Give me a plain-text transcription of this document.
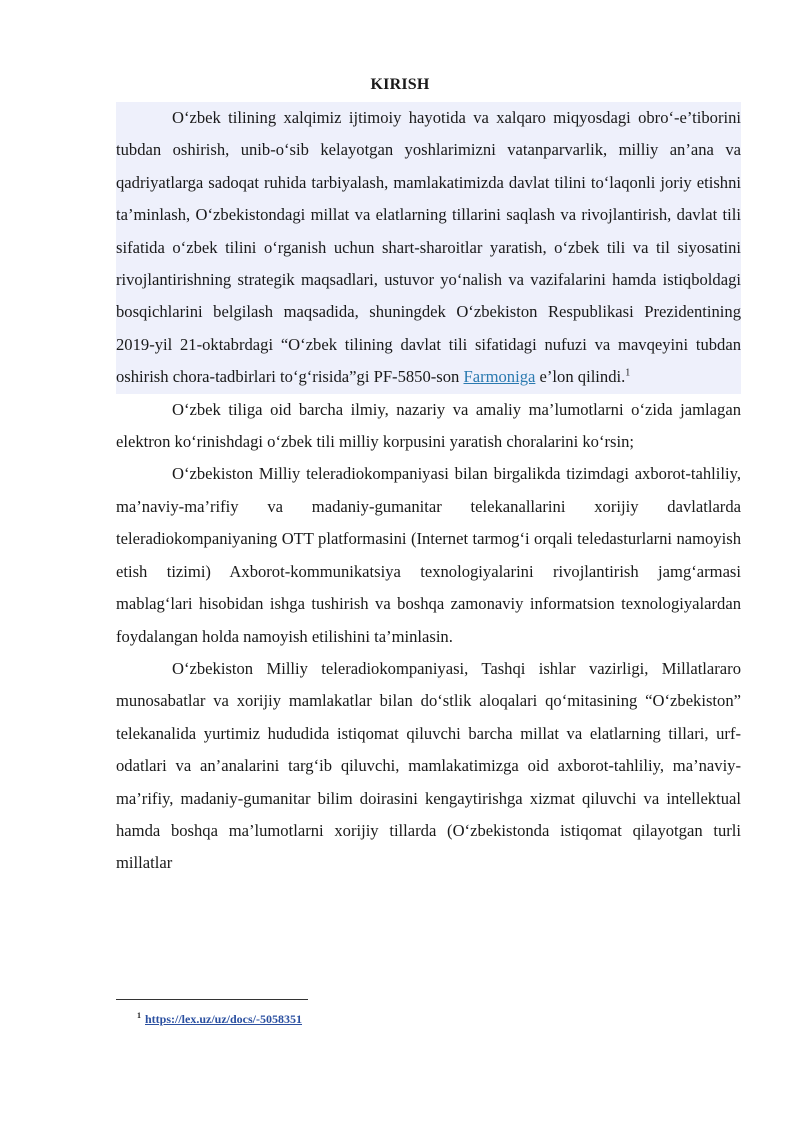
KIRISH

O‘zbek tilining xalqimiz ijtimoiy hayotida va xalqaro miqyosdagi obro‘-e’tiborini tubdan oshirish, unib-o‘sib kelayotgan yoshlarimizni vatanparvarlik, milliy an’ana va qadriyatlarga sadoqat ruhida tarbiyalash, mamlakatimizda davlat tilini to‘laqonli joriy etishni ta’minlash, O‘zbekistondagi millat va elatlarning tillarini saqlash va rivojlantirish, davlat tili sifatida o‘zbek tilini o‘rganish uchun shart-sharoitlar yaratish, o‘zbek tili va til siyosatini rivojlantirishning strategik maqsadlari, ustuvor yo‘nalish va vazifalarini hamda istiqboldagi bosqichlarini belgilash maqsadida, shuningdek O‘zbekiston Respublikasi Prezidentining 2019-yil 21-oktabrdagi “O‘zbek tilining davlat tili sifatidagi nufuzi va mavqeyini tubdan oshirish chora-tadbirlari to‘g‘risida”gi PF-5850-son Farmoniga e’lon qilindi.$^1$

O‘zbek tiliga oid barcha ilmiy, nazariy va amaliy ma’lumotlarni o‘zida jamlagan elektron ko‘rinishdagi o‘zbek tili milliy korpusini yaratish choralarini ko‘rsin;

O‘zbekiston Milliy teleradiokompaniyasi bilan birgalikda tizimdagi axborot-tahliliy, ma’naviy-ma’rifiy va madaniy-gumanitar telekanallarini xorijiy davlatlarda teleradiokompaniyaning OTT platformasini (Internet tarmog‘i orqali teledasturlarni namoyish etish tizimi) Axborot-kommunikatsiya texnologiyalarini rivojlantirish jamg‘armasi mablag‘lari hisobidan ishga tushirish va boshqa zamonaviy informatsion texnologiyalardan foydalangan holda namoyish etilishini ta’minlasin.

O‘zbekiston Milliy teleradiokompaniyasi, Tashqi ishlar vazirligi, Millatlararo munosabatlar va xorijiy mamlakatlar bilan do‘stlik aloqalari qo‘mitasining “O‘zbekiston” telekanalida yurtimiz hududida istiqomat qiluvchi barcha millat va elatlarning tillari, urf-odatlari va an’analarini targ‘ib qiluvchi, mamlakatimizga oid axborot-tahliliy, ma’naviy-ma’rifiy, madaniy-gumanitar bilim doirasini kengaytirishga xizmat qiluvchi va intellektual hamda boshqa ma’lumotlarni xorijiy tillarda (O‘zbekistonda istiqomat qilayotgan turli millatlar

$^1$ https://lex.uz/uz/docs/-5058351
